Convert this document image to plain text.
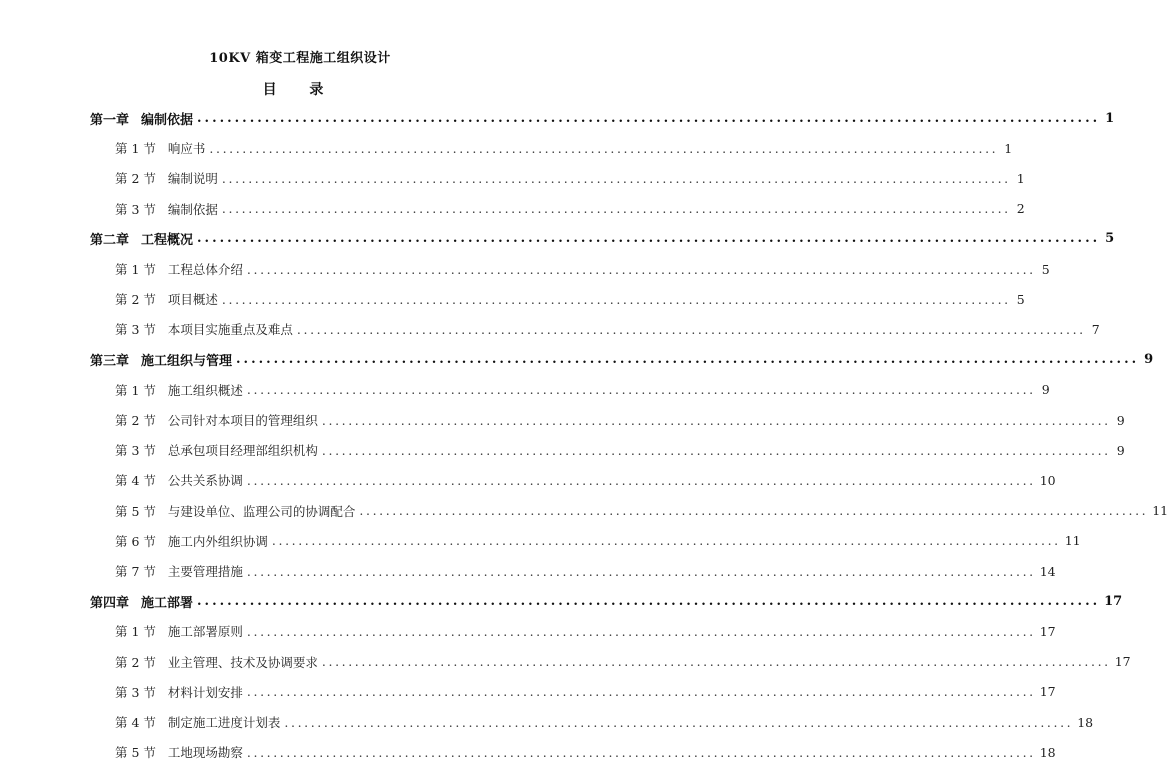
10KV 箱变工程施工组织设计
目 录
第一章 编制依据 ........................................................................................................................ 1
第 1 节 响应书 ........................................................................................................................ 1
第 2 节 编制说明 ........................................................................................................................ 1
第 3 节 编制依据 ........................................................................................................................ 2
第二章 工程概况 ........................................................................................................................ 5
第 1 节 工程总体介绍 ........................................................................................................................ 5
第 2 节 项目概述 ........................................................................................................................ 5
第 3 节 本项目实施重点及难点 ........................................................................................................................ 7
第三章 施工组织与管理 ........................................................................................................................ 9
第 1 节 施工组织概述 ........................................................................................................................ 9
第 2 节 公司针对本项目的管理组织 ........................................................................................................................ 9
第 3 节 总承包项目经理部组织机构 ........................................................................................................................ 9
第 4 节 公共关系协调 ........................................................................................................................ 10
第 5 节 与建设单位、监理公司的协调配合 ........................................................................................................................ 11
第 6 节 施工内外组织协调 ........................................................................................................................ 11
第 7 节 主要管理措施 ........................................................................................................................ 14
第四章 施工部署 ........................................................................................................................ 17
第 1 节 施工部署原则 ........................................................................................................................ 17
第 2 节 业主管理、技术及协调要求 ........................................................................................................................ 17
第 3 节 材料计划安排 ........................................................................................................................ 17
第 4 节 制定施工进度计划表 ........................................................................................................................ 18
第 5 节 工地现场勘察 ........................................................................................................................ 18
